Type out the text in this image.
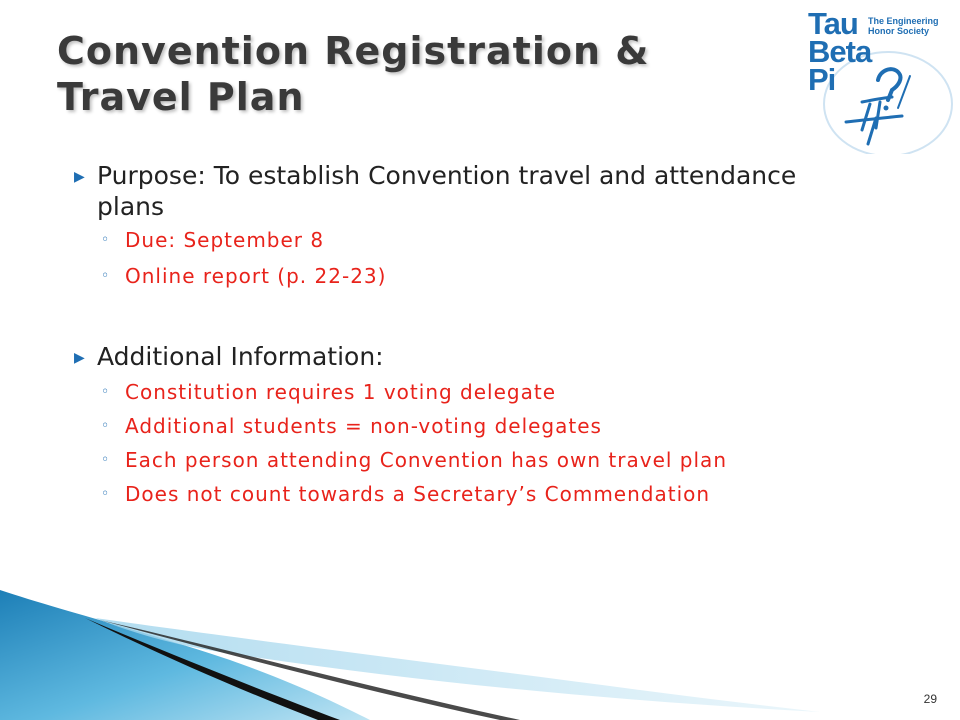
Convention Registration &
Travel Plan
Tau
Beta
Pi
The Engineering
Honor Society
▶ Purpose: To establish Convention travel and attendance plans
◦ Due: September 8
◦ Online report (p. 22-23)
▶ Additional Information:
◦ Constitution requires 1 voting delegate
◦ Additional students = non-voting delegates
◦ Each person attending Convention has own travel plan
◦ Does not count towards a Secretary’s Commendation
29
